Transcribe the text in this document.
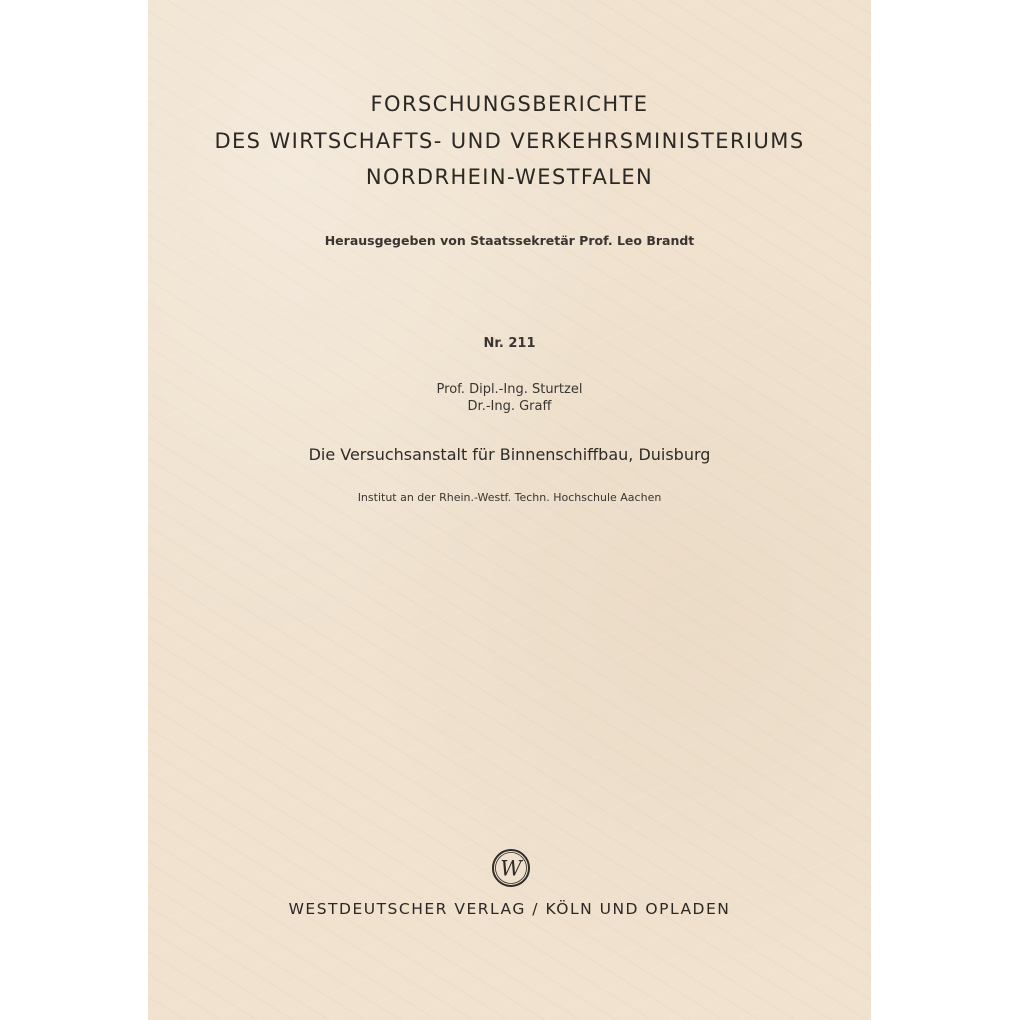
FORSCHUNGSBERICHTE
DES WIRTSCHAFTS- UND VERKEHRSMINISTERIUMS
NORDRHEIN-WESTFALEN
Herausgegeben von Staatssekretär Prof. Leo Brandt
Nr. 211
Prof. Dipl.-Ing. Sturtzel
Dr.-Ing. Graff
Die Versuchsanstalt für Binnenschiffbau, Duisburg
Institut an der Rhein.-Westf. Techn. Hochschule Aachen
W
WESTDEUTSCHER VERLAG / KÖLN UND OPLADEN
